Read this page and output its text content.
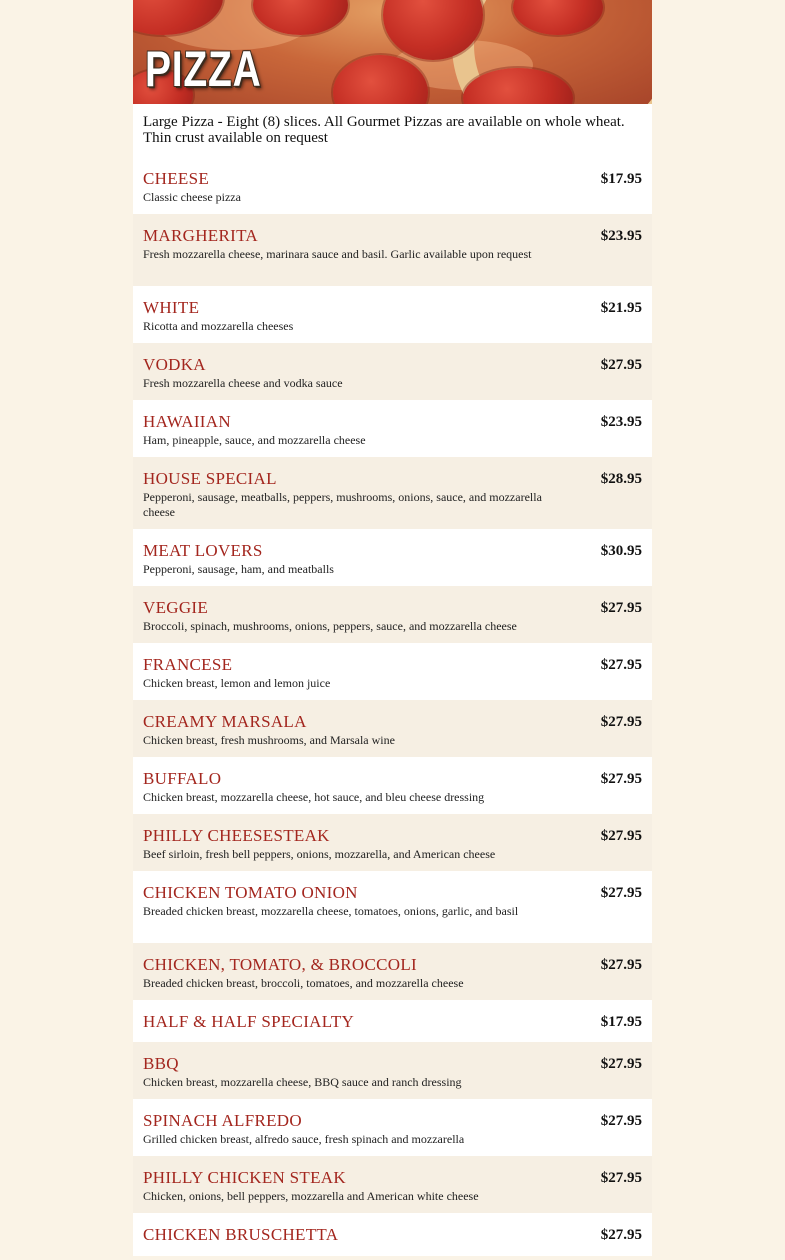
PIZZA
Large Pizza - Eight (8) slices. All Gourmet Pizzas are available on whole wheat. Thin crust available on request
CHEESE
Classic cheese pizza
$17.95
MARGHERITA
Fresh mozzarella cheese, marinara sauce and basil. Garlic available upon request
$23.95
WHITE
Ricotta and mozzarella cheeses
$21.95
VODKA
Fresh mozzarella cheese and vodka sauce
$27.95
HAWAIIAN
Ham, pineapple, sauce, and mozzarella cheese
$23.95
HOUSE SPECIAL
Pepperoni, sausage, meatballs, peppers, mushrooms, onions, sauce, and mozzarella cheese
$28.95
MEAT LOVERS
Pepperoni, sausage, ham, and meatballs
$30.95
VEGGIE
Broccoli, spinach, mushrooms, onions, peppers, sauce, and mozzarella cheese
$27.95
FRANCESE
Chicken breast, lemon and lemon juice
$27.95
CREAMY MARSALA
Chicken breast, fresh mushrooms, and Marsala wine
$27.95
BUFFALO
Chicken breast, mozzarella cheese, hot sauce, and bleu cheese dressing
$27.95
PHILLY CHEESESTEAK
Beef sirloin, fresh bell peppers, onions, mozzarella, and American cheese
$27.95
CHICKEN TOMATO ONION
Breaded chicken breast, mozzarella cheese, tomatoes, onions, garlic, and basil
$27.95
CHICKEN, TOMATO, & BROCCOLI
Breaded chicken breast, broccoli, tomatoes, and mozzarella cheese
$27.95
HALF & HALF SPECIALTY	$17.95
BBQ
Chicken breast, mozzarella cheese, BBQ sauce and ranch dressing
$27.95
SPINACH ALFREDO
Grilled chicken breast, alfredo sauce, fresh spinach and mozzarella
$27.95
PHILLY CHICKEN STEAK
Chicken, onions, bell peppers, mozzarella and American white cheese
$27.95
CHICKEN BRUSCHETTA	$27.95
